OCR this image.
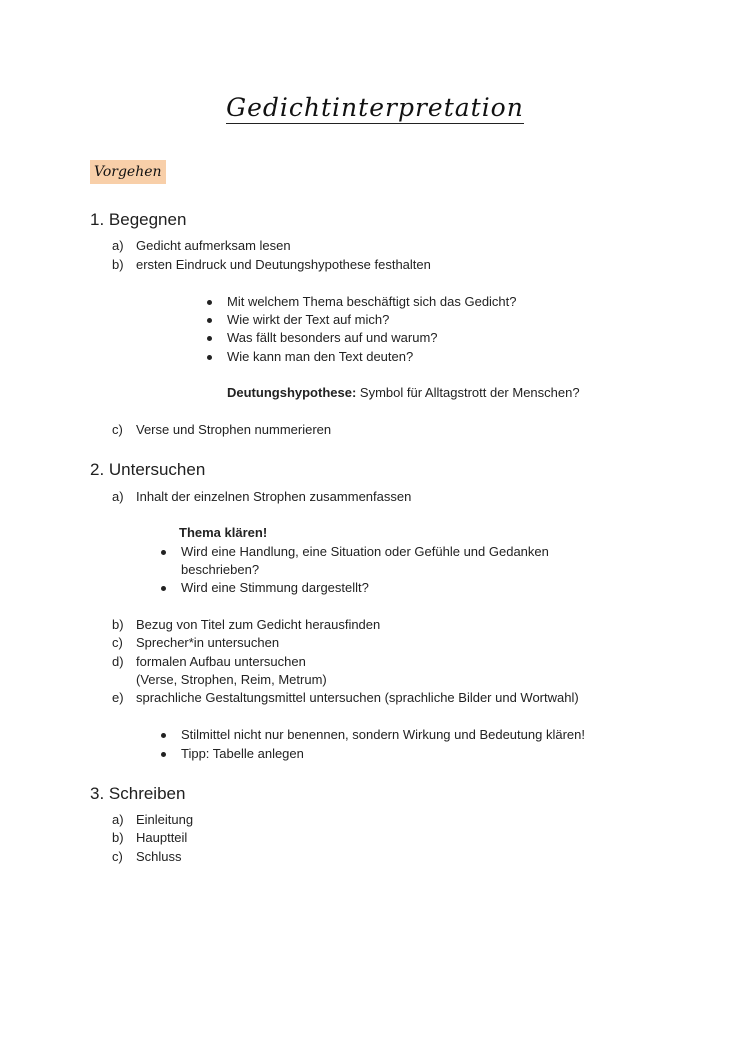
Gedichtinterpretation
Vorgehen
1. Begegnen
a) Gedicht aufmerksam lesen
b) ersten Eindruck und Deutungshypothese festhalten
Mit welchem Thema beschäftigt sich das Gedicht?
Wie wirkt der Text auf mich?
Was fällt besonders auf und warum?
Wie kann man den Text deuten?
Deutungshypothese: Symbol für Alltagstrott der Menschen?
c) Verse und Strophen nummerieren
2. Untersuchen
a) Inhalt der einzelnen Strophen zusammenfassen
Thema klären!
Wird eine Handlung, eine Situation oder Gefühle und Gedanken
beschrieben?
Wird eine Stimmung dargestellt?
b) Bezug von Titel zum Gedicht herausfinden
c) Sprecher*in untersuchen
d) formalen Aufbau untersuchen
(Verse, Strophen, Reim, Metrum)
e) sprachliche Gestaltungsmittel untersuchen (sprachliche Bilder und Wortwahl)
Stilmittel nicht nur benennen, sondern Wirkung und Bedeutung klären!
Tipp: Tabelle anlegen
3. Schreiben
a) Einleitung
b) Hauptteil
c) Schluss
